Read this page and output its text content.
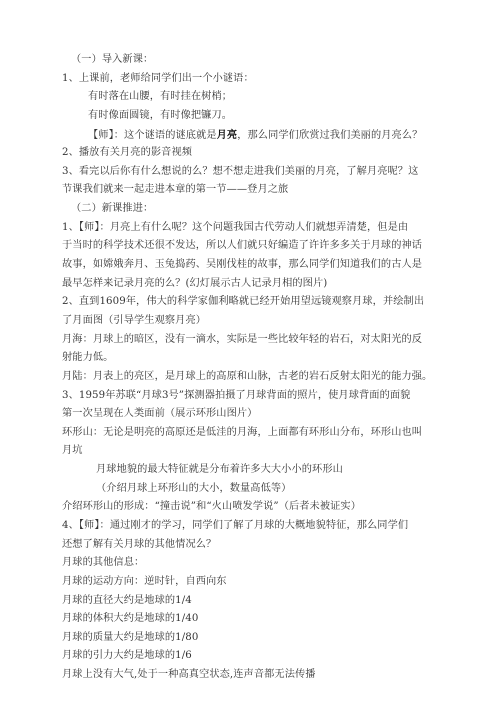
（一）导入新课：
1、上课前，老师给同学们出一个小谜语：
有时落在山腰，有时挂在树梢；
有时像面圆镜，有时像把镰刀。
【师】：这个谜语的谜底就是月亮，那么同学们欣赏过我们美丽的月亮么？
2、播放有关月亮的影音视频
3、看完以后你有什么想说的么？想不想走进我们美丽的月亮，了解月亮呢？这
节课我们就来一起走进本章的第一节——登月之旅
（二）新课推进：
1、【师】：月亮上有什么呢？这个问题我国古代劳动人们就想弄清楚，但是由
于当时的科学技术还很不发达，所以人们就只好编造了许许多多关于月球的神话
故事，如嫦娥奔月、玉兔捣药、吴刚伐桂的故事，那么同学们知道我们的古人是
最早怎样来记录月亮的么？(幻灯展示古人记录月相的图片)
2、直到1609年，伟大的科学家伽利略就已经开始用望远镜观察月球，并绘制出
了月面图（引导学生观察月亮）
月海：月球上的暗区，没有一滴水，实际是一些比较年轻的岩石，对太阳光的反
射能力低。
月陆：月表上的亮区，是月球上的高原和山脉，古老的岩石反射太阳光的能力强。
3、1959年苏联“月球3号”探测器拍摄了月球背面的照片，使月球背面的面貌
第一次呈现在人类面前（展示环形山图片）
环形山：无论是明亮的高原还是低洼的月海，上面都有环形山分布，环形山也叫
月坑
月球地貌的最大特征就是分布着许多大大小小的环形山
（介绍月球上环形山的大小，数量高低等）
介绍环形山的形成：“撞击说”和“火山喷发学说”（后者未被证实）
4、【师】：通过刚才的学习，同学们了解了月球的大概地貌特征，那么同学们
还想了解有关月球的其他情况么？
月球的其他信息：
月球的运动方向：逆时针，自西向东
月球的直径大约是地球的1/4
月球的体积大约是地球的1/40
月球的质量大约是地球的1/80
月球的引力大约是地球的1/6
月球上没有大气,处于一种高真空状态,连声音都无法传播
